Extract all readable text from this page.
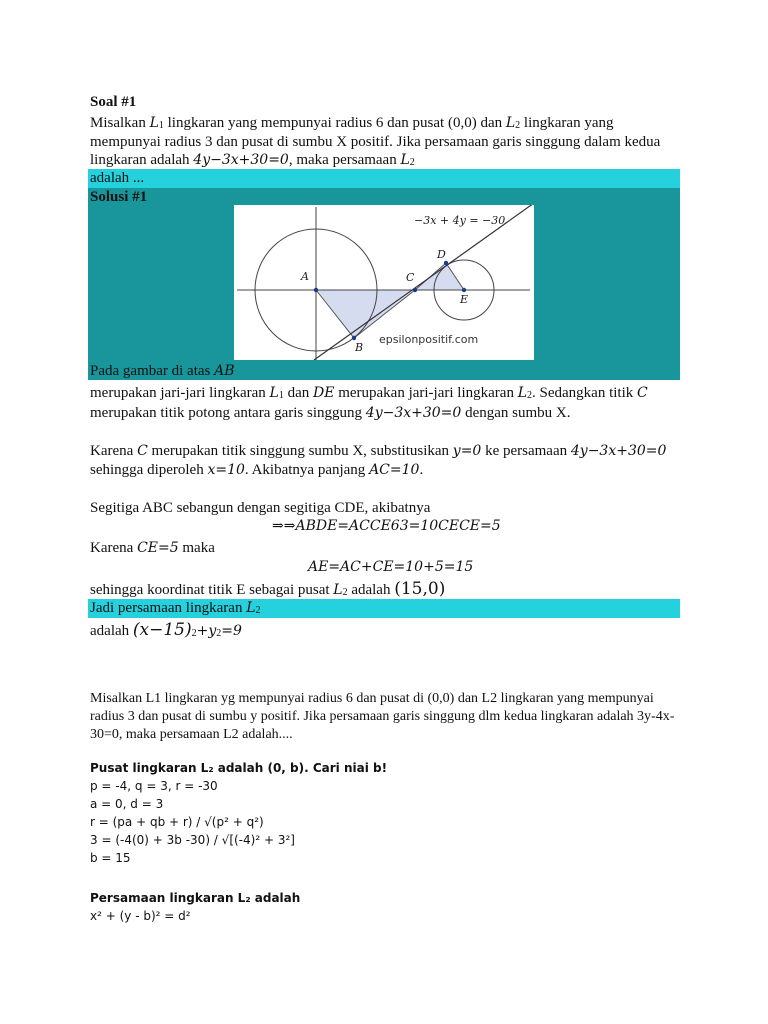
Soal #1
Misalkan L1 lingkaran yang mempunyai radius 6 dan pusat (0,0) dan L2 lingkaran yang
mempunyai radius 3 dan pusat di sumbu X positif. Jika persamaan garis singgung dalam kedua
lingkaran adalah 4y−3x+30=0, maka persamaan L2
adalah ...
Solusi #1
A
B
C
D
E
−3x + 4y = −30
epsilonpositif.com
Pada gambar di atas AB
merupakan jari-jari lingkaran L1 dan DE merupakan jari-jari lingkaran L2. Sedangkan titik C
merupakan titik potong antara garis singgung 4y−3x+30=0 dengan sumbu X.
Karena C merupakan titik singgung sumbu X, substitusikan y=0 ke persamaan 4y−3x+30=0
sehingga diperoleh x=10. Akibatnya panjang AC=10.
Segitiga ABC sebangun dengan segitiga CDE, akibatnya
⇒⇒ABDE=ACCE63=10CECE=5
Karena CE=5 maka
AE=AC+CE=10+5=15
sehingga koordinat titik E sebagai pusat L2 adalah (15,0)
Jadi persamaan lingkaran L2
adalah (x−15)2+y2=9
Misalkan L1 lingkaran yg mempunyai radius 6 dan pusat di (0,0) dan L2 lingkaran yang mempunyai
radius 3 dan pusat di sumbu y positif. Jika persamaan garis singgung dlm kedua lingkaran adalah 3y-4x-
30=0, maka persamaan L2 adalah....
Pusat lingkaran L₂ adalah (0, b). Cari niai b!
p = -4, q = 3, r = -30
a = 0, d = 3
r = (pa + qb + r) / √(p² + q²)
3 = (-4(0) + 3b -30) / √[(-4)² + 3²]
b = 15
Persamaan lingkaran L₂ adalah
x² + (y - b)² = d²
